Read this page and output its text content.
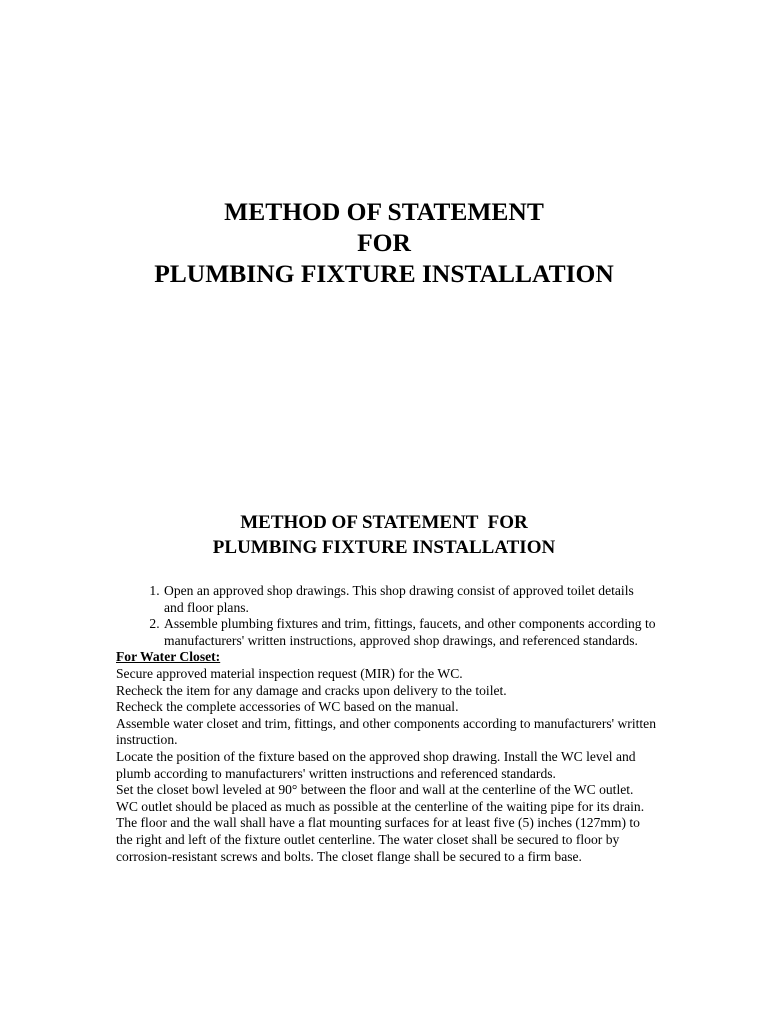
METHOD OF STATEMENT
FOR
PLUMBING FIXTURE INSTALLATION
METHOD OF STATEMENT  FOR
PLUMBING FIXTURE INSTALLATION
1. Open an approved shop drawings. This shop drawing consist of approved toilet details and floor plans.
2. Assemble plumbing fixtures and trim, fittings, faucets, and other components according to manufacturers' written instructions, approved shop drawings, and referenced standards.
For Water Closet:

Secure approved material inspection request (MIR) for the WC.

Recheck the item for any damage and cracks upon delivery to the toilet.

Recheck the complete accessories of WC based on the manual.

Assemble water closet and trim, fittings, and other components according to manufacturers' written instruction.

Locate the position of the fixture based on the approved shop drawing. Install the WC level and plumb according to manufacturers' written instructions and referenced standards.

Set the closet bowl leveled at 90° between the floor and wall at the centerline of the WC outlet. WC outlet should be placed as much as possible at the centerline of the waiting pipe for its drain. The floor and the wall shall have a flat mounting surfaces for at least five (5) inches (127mm) to the right and left of the fixture outlet centerline. The water closet shall be secured to floor by corrosion-resistant screws and bolts. The closet flange shall be secured to a firm base.
